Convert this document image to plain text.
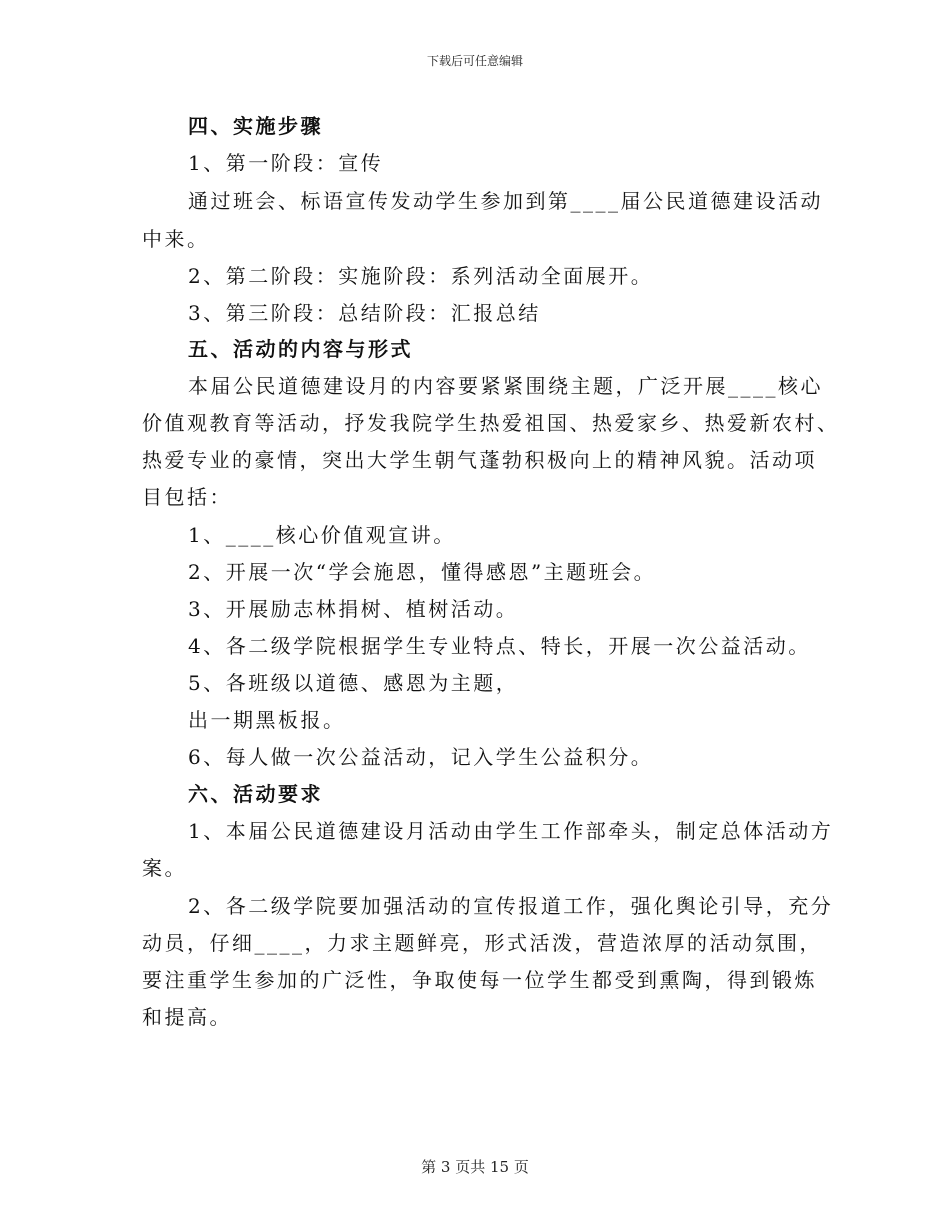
下载后可任意编辑
四、实施步骤
1、第一阶段：宣传
通过班会、标语宣传发动学生参加到第____届公民道德建设活动
中来。
2、第二阶段：实施阶段：系列活动全面展开。
3、第三阶段：总结阶段：汇报总结
五、活动的内容与形式
本届公民道德建设月的内容要紧紧围绕主题，广泛开展____核心
价值观教育等活动，抒发我院学生热爱祖国、热爱家乡、热爱新农村、
热爱专业的豪情，突出大学生朝气蓬勃积极向上的精神风貌。活动项
目包括：
1、____核心价值观宣讲。
2、开展一次“学会施恩，懂得感恩”主题班会。
3、开展励志林捐树、植树活动。
4、各二级学院根据学生专业特点、特长，开展一次公益活动。
5、各班级以道德、感恩为主题，
出一期黑板报。
6、每人做一次公益活动，记入学生公益积分。
六、活动要求
1、本届公民道德建设月活动由学生工作部牵头，制定总体活动方
案。
2、各二级学院要加强活动的宣传报道工作，强化舆论引导，充分
动员，仔细____，力求主题鲜亮，形式活泼，营造浓厚的活动氛围，
要注重学生参加的广泛性，争取使每一位学生都受到熏陶，得到锻炼
和提高。
第 3 页共 15 页
